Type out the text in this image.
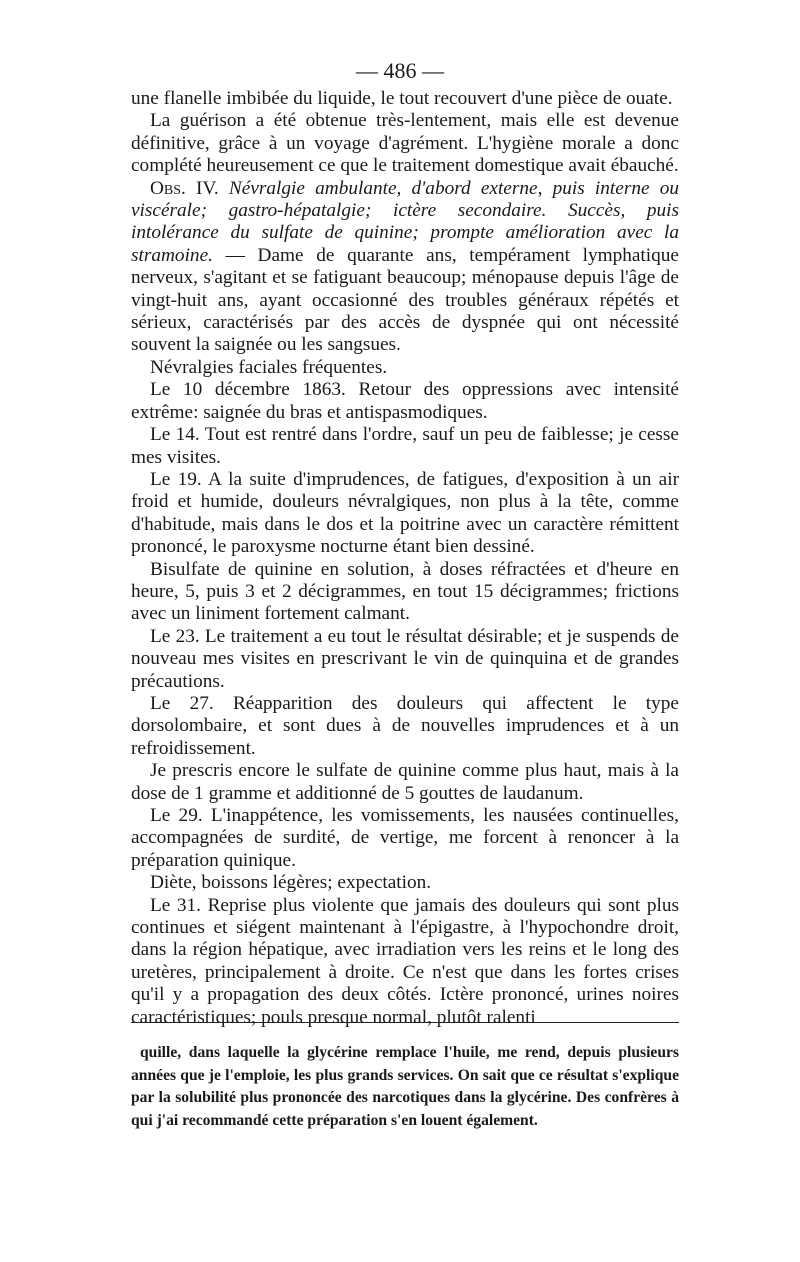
— 486 —

une flanelle imbibée du liquide, le tout recouvert d'une pièce de ouate.

La guérison a été obtenue très-lentement, mais elle est devenue définitive, grâce à un voyage d'agrément. L'hygiène morale a donc complété heureusement ce que le traitement domestique avait ébauché.

Obs. IV. Névralgie ambulante, d'abord externe, puis interne ou viscérale; gastro-hépatalgie; ictère secondaire. Succès, puis intolérance du sulfate de quinine; prompte amélioration avec la stramoine. — Dame de quarante ans, tempérament lymphatique nerveux, s'agitant et se fatiguant beaucoup; ménopause depuis l'âge de vingt-huit ans, ayant occasionné des troubles généraux répétés et sérieux, caractérisés par des accès de dyspnée qui ont nécessité souvent la saignée ou les sangsues.

Névralgies faciales fréquentes.

Le 10 décembre 1863. Retour des oppressions avec intensité extrême: saignée du bras et antispasmodiques.

Le 14. Tout est rentré dans l'ordre, sauf un peu de faiblesse; je cesse mes visites.

Le 19. A la suite d'imprudences, de fatigues, d'exposition à un air froid et humide, douleurs névralgiques, non plus à la tête, comme d'habitude, mais dans le dos et la poitrine avec un caractère rémittent prononcé, le paroxysme nocturne étant bien dessiné.

Bisulfate de quinine en solution, à doses réfractées et d'heure en heure, 5, puis 3 et 2 décigrammes, en tout 15 décigrammes; frictions avec un liniment fortement calmant.

Le 23. Le traitement a eu tout le résultat désirable; et je suspends de nouveau mes visites en prescrivant le vin de quinquina et de grandes précautions.

Le 27. Réapparition des douleurs qui affectent le type dorsolombaire, et sont dues à de nouvelles imprudences et à un refroidissement.

Je prescris encore le sulfate de quinine comme plus haut, mais à la dose de 1 gramme et additionné de 5 gouttes de laudanum.

Le 29. L'inappétence, les vomissements, les nausées continuelles, accompagnées de surdité, de vertige, me forcent à renoncer à la préparation quinique.

Diète, boissons légères; expectation.

Le 31. Reprise plus violente que jamais des douleurs qui sont plus continues et siégent maintenant à l'épigastre, à l'hypochondre droit, dans la région hépatique, avec irradiation vers les reins et le long des uretères, principalement à droite. Ce n'est que dans les fortes crises qu'il y a propagation des deux côtés. Ictère prononcé, urines noires caractéristiques; pouls presque normal, plutôt ralenti

quille, dans laquelle la glycérine remplace l'huile, me rend, depuis plusieurs années que je l'emploie, les plus grands services. On sait que ce résultat s'explique par la solubilité plus prononcée des narcotiques dans la glycérine. Des confrères à qui j'ai recommandé cette préparation s'en louent également.
